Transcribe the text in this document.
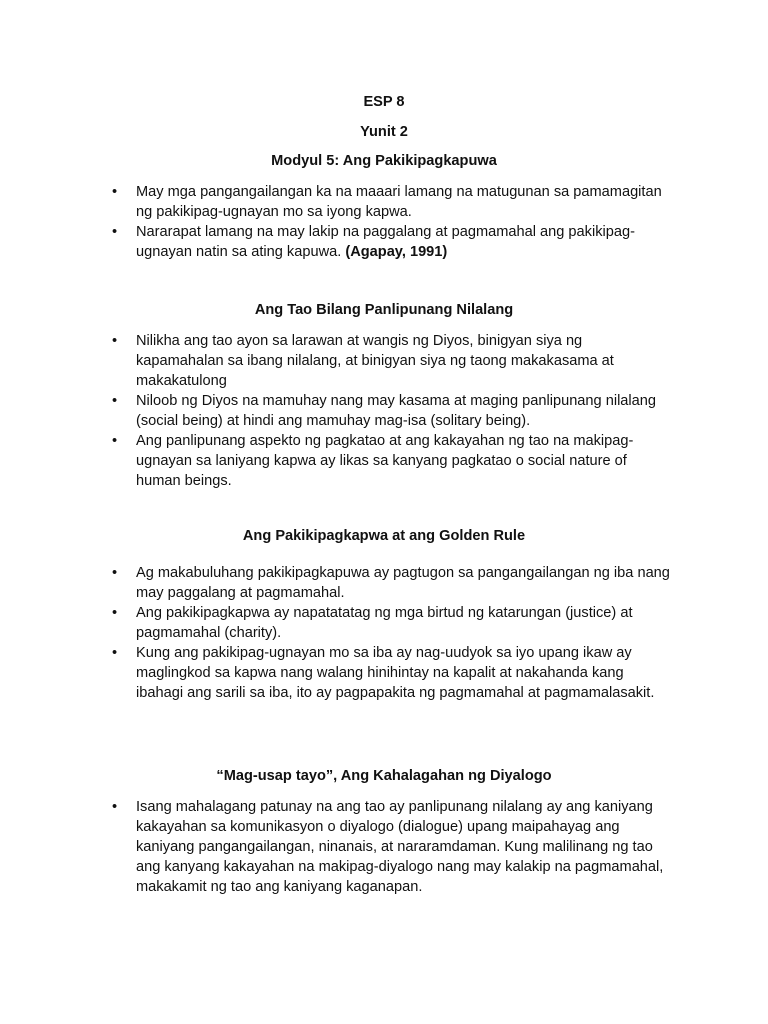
ESP 8

Yunit 2

Modyul 5: Ang Pakikipagkapuwa

• May mga pangangailangan ka na maaari lamang na matugunan sa pamamagitan ng pakikipag-ugnayan mo sa iyong kapwa.
• Nararapat lamang na may lakip na paggalang at pagmamahal ang pakikipag-ugnayan natin sa ating kapuwa. (Agapay, 1991)

Ang Tao Bilang Panlipunang Nilalang

• Nilikha ang tao ayon sa larawan at wangis ng Diyos, binigyan siya ng kapamahalan sa ibang nilalang, at binigyan siya ng taong makakasama at makakatulong
• Niloob ng Diyos na mamuhay nang may kasama at maging panlipunang nilalang (social being) at hindi ang mamuhay mag-isa (solitary being).
• Ang panlipunang aspekto ng pagkatao at ang kakayahan ng tao na makipag-ugnayan sa laniyang kapwa ay likas sa kanyang pagkatao o social nature of human beings.

Ang Pakikipagkapwa at ang Golden Rule

• Ag makabuluhang pakikipagkapuwa ay pagtugon sa pangangailangan ng iba nang may paggalang at pagmamahal.
• Ang pakikipagkapwa ay napatatatag ng mga birtud ng katarungan (justice) at pagmamahal (charity).
• Kung ang pakikipag-ugnayan mo sa iba ay nag-uudyok sa iyo upang ikaw ay maglingkod sa kapwa nang walang hinihintay na kapalit at nakahanda kang ibahagi ang sarili sa iba, ito ay pagpapakita ng pagmamahal at pagmamalasakit.

“Mag-usap tayo”, Ang Kahalagahan ng Diyalogo

• Isang mahalagang patunay na ang tao ay panlipunang nilalang ay ang kaniyang kakayahan sa komunikasyon o diyalogo (dialogue) upang maipahayag ang kaniyang pangangailangan, ninanais, at nararamdaman. Kung malilinang ng tao ang kanyang kakayahan na makipag-diyalogo nang may kalakip na pagmamahal, makakamit ng tao ang kaniyang kaganapan.
